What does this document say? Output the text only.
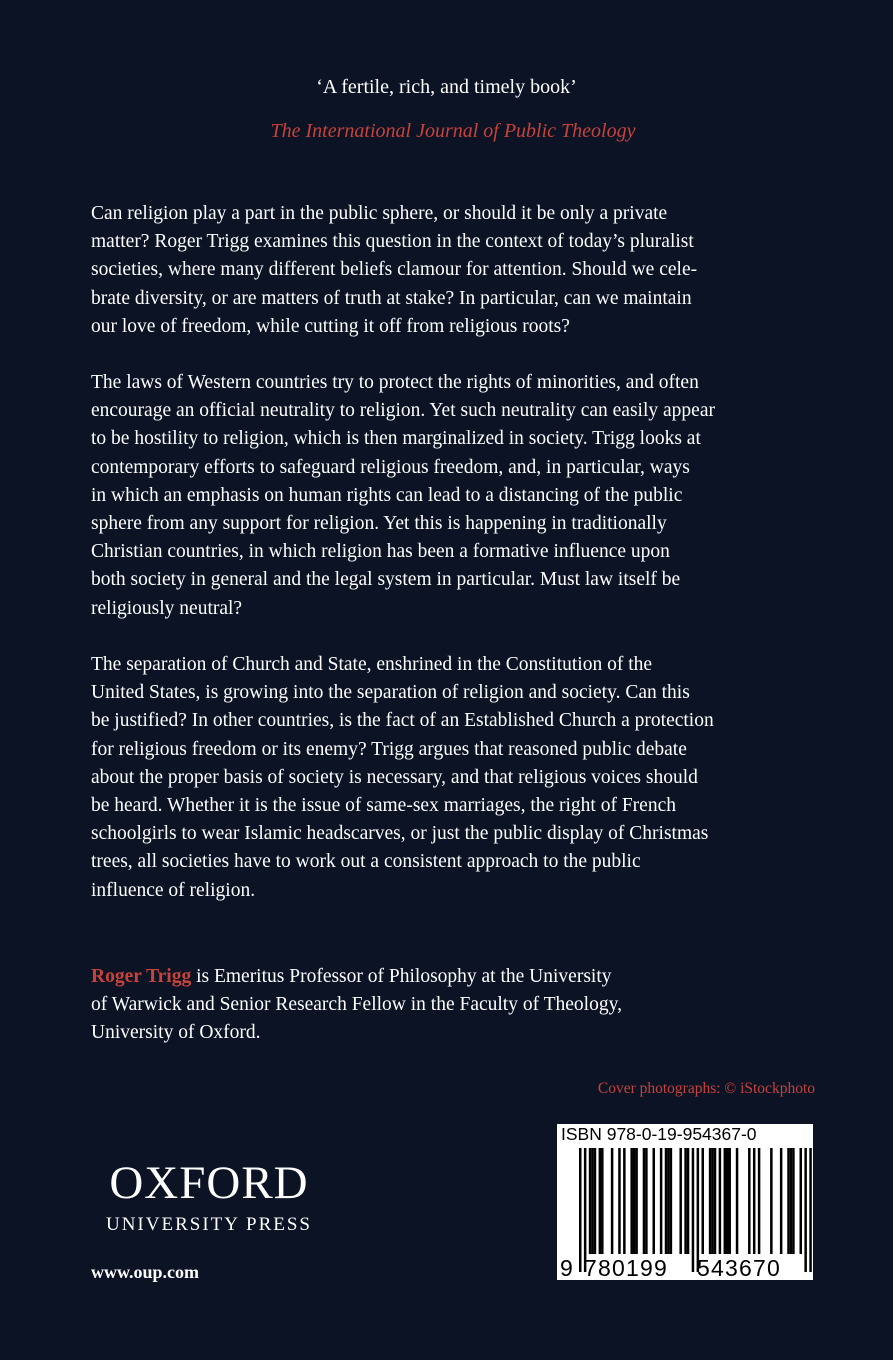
‘A fertile, rich, and timely book’
The International Journal of Public Theology

Can religion play a part in the public sphere, or should it be only a private
matter? Roger Trigg examines this question in the context of today’s pluralist
societies, where many different beliefs clamour for attention. Should we cele-
brate diversity, or are matters of truth at stake? In particular, can we maintain
our love of freedom, while cutting it off from religious roots?

The laws of Western countries try to protect the rights of minorities, and often
encourage an official neutrality to religion. Yet such neutrality can easily appear
to be hostility to religion, which is then marginalized in society. Trigg looks at
contemporary efforts to safeguard religious freedom, and, in particular, ways
in which an emphasis on human rights can lead to a distancing of the public
sphere from any support for religion. Yet this is happening in traditionally
Christian countries, in which religion has been a formative influence upon
both society in general and the legal system in particular. Must law itself be
religiously neutral?

The separation of Church and State, enshrined in the Constitution of the
United States, is growing into the separation of religion and society. Can this
be justified? In other countries, is the fact of an Established Church a protection
for religious freedom or its enemy? Trigg argues that reasoned public debate
about the proper basis of society is necessary, and that religious voices should
be heard. Whether it is the issue of same-sex marriages, the right of French
schoolgirls to wear Islamic headscarves, or just the public display of Christmas
trees, all societies have to work out a consistent approach to the public
influence of religion.

Roger Trigg is Emeritus Professor of Philosophy at the University
of Warwick and Senior Research Fellow in the Faculty of Theology,
University of Oxford.

Cover photographs: © iStockphoto
OXFORD
UNIVERSITY PRESS
www.oup.com
ISBN 978-0-19-954367-0
9 780199 543670
